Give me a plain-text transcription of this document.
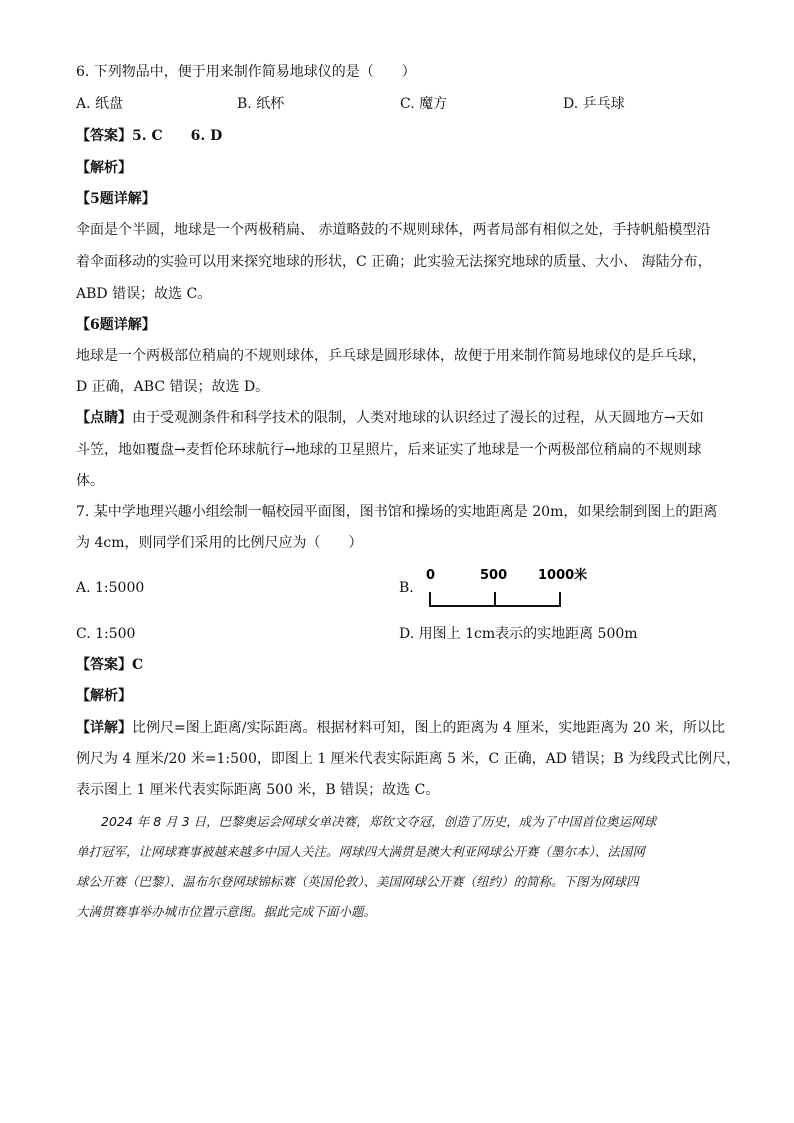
6. 下列物品中，便于用来制作简易地球仪的是（　　）
A. 纸盘	B. 纸杯	C. 魔方	D. 乒乓球
【答案】5. C　　6. D
【解析】
【5题详解】
伞面是个半圆，地球是一个两极稍扁、 赤道略鼓的不规则球体，两者局部有相似之处，手持帆船模型沿
着伞面移动的实验可以用来探究地球的形状，C 正确；此实验无法探究地球的质量、大小、 海陆分布，
ABD 错误；故选 C。
【6题详解】
地球是一个两极部位稍扁的不规则球体，乒乓球是圆形球体，故便于用来制作简易地球仪的是乒乓球，
D 正确，ABC 错误；故选 D。
【点睛】由于受观测条件和科学技术的限制，人类对地球的认识经过了漫长的过程，从天圆地方→天如
斗笠，地如覆盘→麦哲伦环球航行→地球的卫星照片，后来证实了地球是一个两极部位稍扁的不规则球
体。
7. 某中学地理兴趣小组绘制一幅校园平面图，图书馆和操场的实地距离是 20m，如果绘制到图上的距离
为 4cm，则同学们采用的比例尺应为（　　）
A. 1:5000	B.
0	500 1000米
C. 1:500	D. 用图上 1cm表示的实地距离 500m
【答案】C
【解析】
【详解】比例尺=图上距离/实际距离。根据材料可知，图上的距离为 4 厘米，实地距离为 20 米，所以比
例尺为 4 厘米/20 米=1:500，即图上 1 厘米代表实际距离 5 米，C 正确，AD 错误；B 为线段式比例尺，
表示图上 1 厘米代表实际距离 500 米，B 错误；故选 C。
　　2024 年 8 月 3 日，巴黎奥运会网球女单决赛，郑钦文夺冠，创造了历史，成为了中国首位奥运网球
单打冠军，让网球赛事被越来越多中国人关注。网球四大满贯是澳大利亚网球公开赛（墨尔本）、法国网
球公开赛（巴黎）、温布尔登网球锦标赛（英国伦敦）、美国网球公开赛（纽约）的简称。下图为网球四
大满贯赛事举办城市位置示意图。据此完成下面小题。
